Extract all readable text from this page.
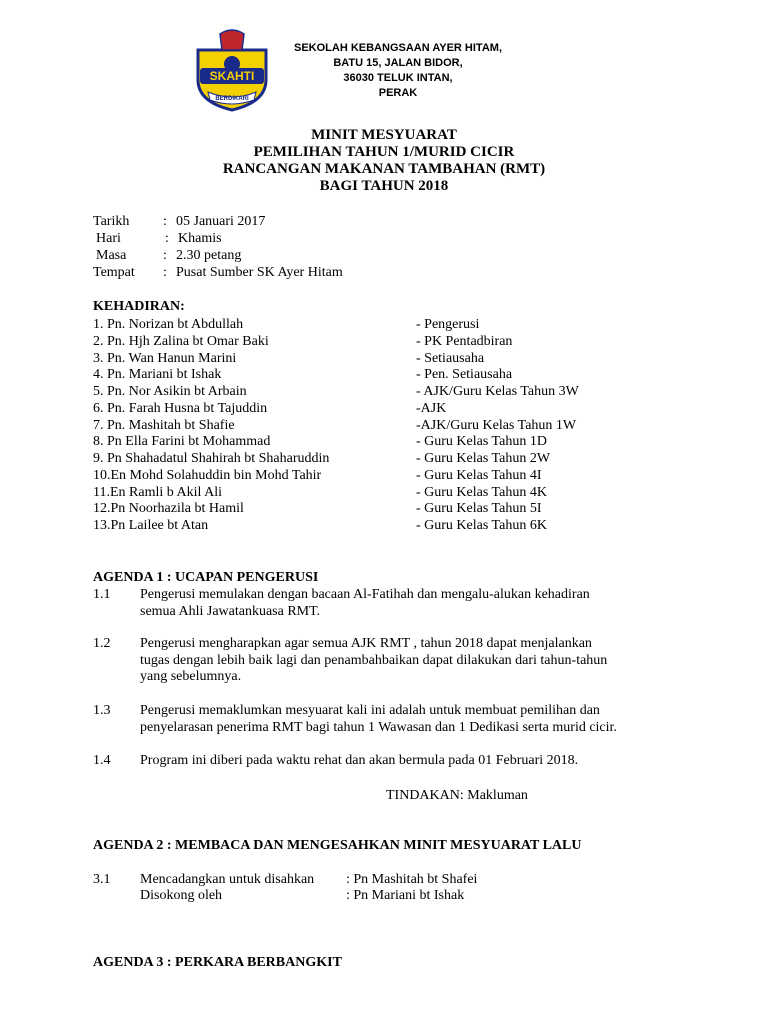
SKAHTI
BERDIKARI
SEKOLAH KEBANGSAAN AYER HITAM,
BATU 15, JALAN BIDOR,
36030 TELUK INTAN,
PERAK
MINIT MESYUARAT
PEMILIHAN TAHUN 1/MURID CICIR
RANCANGAN MAKANAN TAMBAHAN (RMT)
BAGI TAHUN 2018
Tarikh : 05 Januari 2017
Hari	: Khamis
Masa	: 2.30 petang
Tempat : Pusat Sumber SK Ayer Hitam
KEHADIRAN:
1. Pn. Norizan bt Abdullah	- Pengerusi
2. Pn. Hjh Zalina bt Omar Baki	- PK Pentadbiran
3. Pn. Wan Hanun Marini	- Setiausaha
4. Pn. Mariani bt Ishak	- Pen. Setiausaha
5. Pn. Nor Asikin bt Arbain	- AJK/Guru Kelas Tahun 3W
6. Pn. Farah Husna bt Tajuddin	-AJK
7. Pn. Mashitah bt Shafie	-AJK/Guru Kelas Tahun 1W
8. Pn Ella Farini bt Mohammad	- Guru Kelas Tahun 1D
9. Pn Shahadatul Shahirah bt Shaharuddin	- Guru Kelas Tahun 2W
10.En Mohd Solahuddin bin Mohd Tahir	- Guru Kelas Tahun 4I
11.En Ramli b Akil Ali	- Guru Kelas Tahun 4K
12.Pn Noorhazila bt Hamil	- Guru Kelas Tahun 5I
13.Pn Lailee bt Atan	- Guru Kelas Tahun 6K
AGENDA 1 : UCAPAN PENGERUSI
1.1 Pengerusi memulakan dengan bacaan Al-Fatihah dan mengalu-alukan kehadiran
semua Ahli Jawatankuasa RMT.
1.2 Pengerusi mengharapkan agar semua AJK RMT , tahun 2018 dapat menjalankan
tugas dengan lebih baik lagi dan penambahbaikan dapat dilakukan dari tahun-tahun
yang sebelumnya.
1.3 Pengerusi memaklumkan mesyuarat kali ini adalah untuk membuat pemilihan dan
penyelarasan penerima RMT bagi tahun 1 Wawasan dan 1 Dedikasi serta murid cicir.
1.4 Program ini diberi pada waktu rehat dan akan bermula pada 01 Februari 2018.
TINDAKAN: Makluman
AGENDA 2 : MEMBACA DAN MENGESAHKAN MINIT MESYUARAT LALU
3.1 Mencadangkan untuk disahkan : Pn Mashitah bt Shafei
Disokong oleh	: Pn Mariani bt Ishak
AGENDA 3 : PERKARA BERBANGKIT
